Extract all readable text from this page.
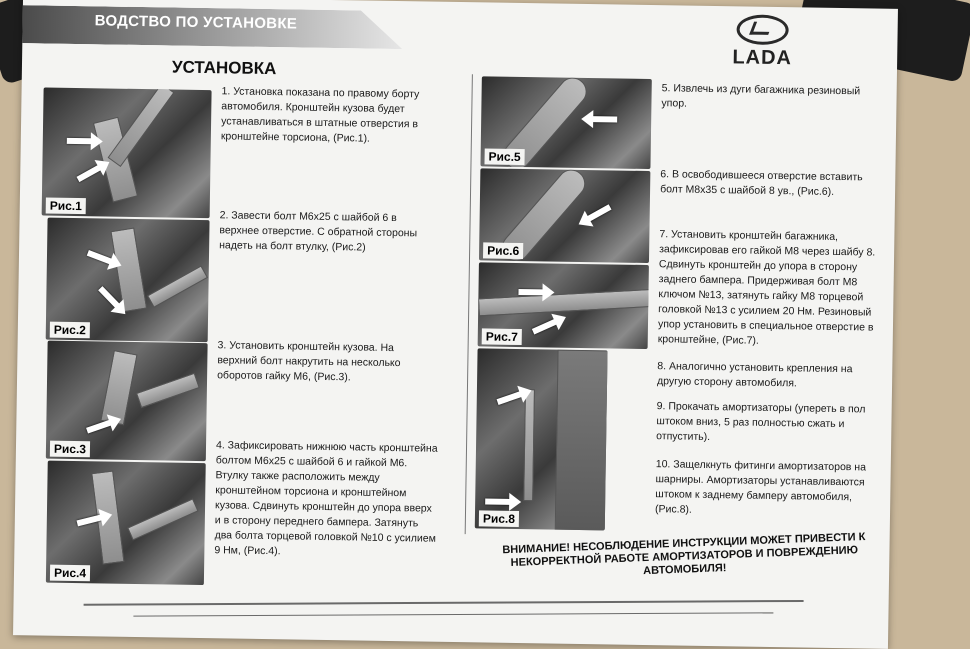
ВОДСТВО ПО УСТАНОВКЕ
LADA
УСТАНОВКА
Рис.1
Рис.2
Рис.3
Рис.4
1. Установка показана по правому борту автомобиля. Кронштейн кузова будет устанавливаться в штатные отверстия в кронштейне торсиона, (Рис.1).
2. Завести болт М6х25 с шайбой 6 в верхнее отверстие. С обратной стороны надеть на болт втулку, (Рис.2)
3. Установить кронштейн кузова. На верхний болт накрутить на несколько оборотов гайку М6, (Рис.3).
4. Зафиксировать нижнюю часть кронштейна болтом М6х25 с шайбой 6 и гайкой М6. Втулку также расположить между кронштейном торсиона и кронштейном кузова. Сдвинуть кронштейн до упора вверх и в сторону переднего бампера. Затянуть два болта торцевой головкой №10 с усилием 9 Нм, (Рис.4).
Рис.5
Рис.6
Рис.7
Рис.8
5. Извлечь из дуги багажника резиновый упор.
6. В освободившееся отверстие вставить болт М8х35 с шайбой 8 ув., (Рис.6).
7. Установить кронштейн багажника, зафиксировав его гайкой М8 через шайбу 8. Сдвинуть кронштейн до упора в сторону заднего бампера. Придерживая болт М8 ключом №13, затянуть гайку М8 торцевой головкой №13 с усилием 20 Нм. Резиновый упор установить в специальное отверстие в кронштейне, (Рис.7).
8. Аналогично установить крепления на другую сторону автомобиля.
9. Прокачать амортизаторы (упереть в пол штоком вниз, 5 раз полностью сжать и отпустить).
10. Защелкнуть фитинги амортизаторов на шарниры. Амортизаторы устанавливаются штоком к заднему бамперу автомобиля, (Рис.8).
ВНИМАНИЕ! НЕСОБЛЮДЕНИЕ ИНСТРУКЦИИ МОЖЕТ ПРИВЕСТИ К НЕКОРРЕКТНОЙ РАБОТЕ АМОРТИЗАТОРОВ И ПОВРЕЖДЕНИЮ АВТОМОБИЛЯ!
